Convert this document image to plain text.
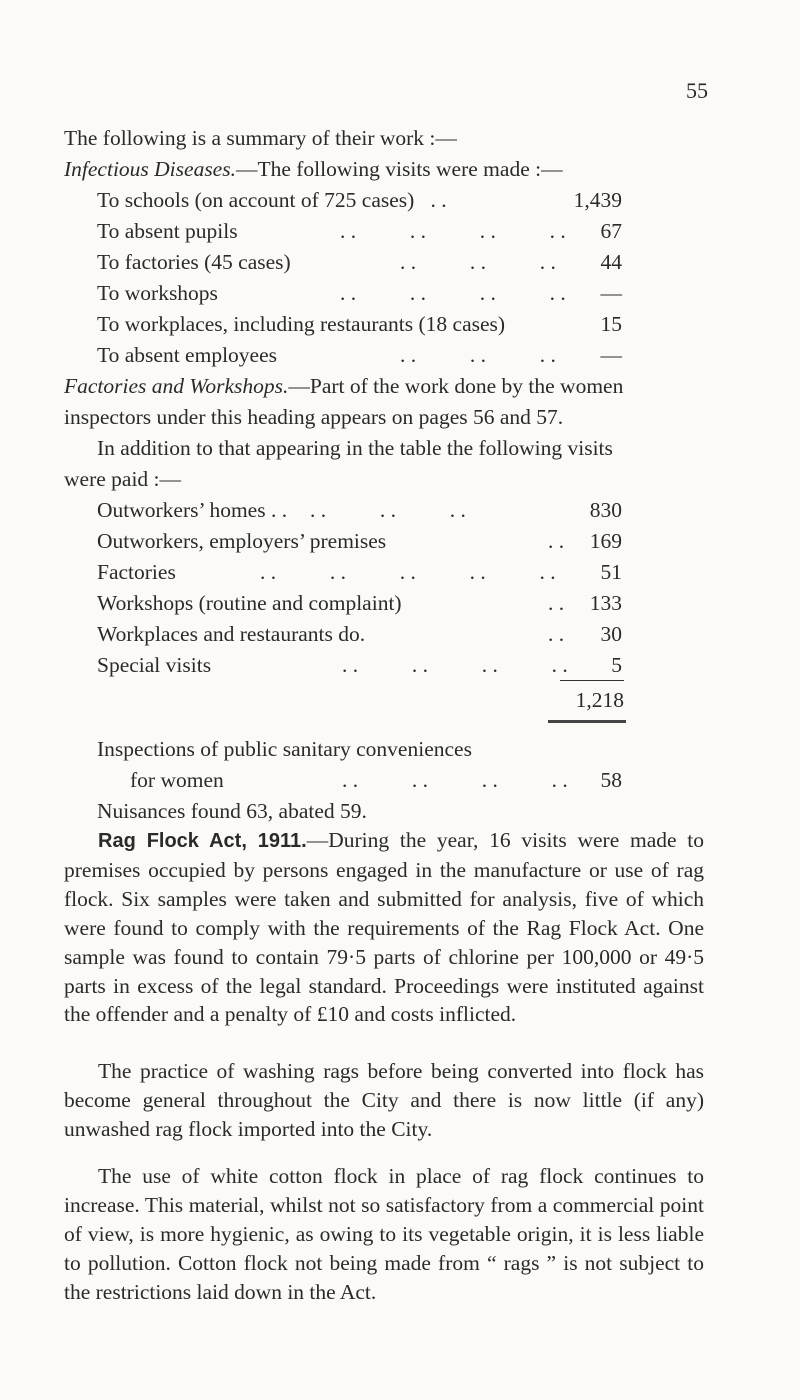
55
The following is a summary of their work :—
Infectious Diseases.—The following visits were made :—
To schools (on account of 725 cases) . .	1,439
To absent pupils	. .          . .          . .          . . 67
To factories (45 cases)	. .          . .          . . 44
To workshops	. .          . .          . .          . . —
To workplaces, including restaurants (18 cases)	15
To absent employees	. .          . .          . . —
Factories and Workshops.—Part of the work done by the women
inspectors under this heading appears on pages 56 and 57.
In addition to that appearing in the table the following visits
were paid :—
Outworkers’ homes . . . .          . .          . .	830
Outworkers, employers’ premises	. . 169
Factories	. .          . .          . .          . .          . . 51
Workshops (routine and complaint)	. . 133
Workplaces and restaurants do.	. . 30
Special visits	. .          . .          . .          . . 5
1,218
Inspections of public sanitary conveniences
for women	. .          . .          . .          . . 58
Nuisances found 63, abated 59.
Rag Flock Act, 1911.—During the year, 16 visits were made to premises occupied by persons engaged in the manufacture or use of rag flock. Six samples were taken and submitted for analysis, five of which were found to comply with the requirements of the Rag Flock Act. One sample was found to contain 79·5 parts of chlorine per 100,000 or 49·5 parts in excess of the legal standard. Proceedings were instituted against the offender and a penalty of £10 and costs inflicted.
The practice of washing rags before being converted into flock has become general throughout the City and there is now little (if any) unwashed rag flock imported into the City.
The use of white cotton flock in place of rag flock continues to increase. This material, whilst not so satisfactory from a commercial point of view, is more hygienic, as owing to its vegetable origin, it is less liable to pollution. Cotton flock not being made from “ rags ” is not subject to the restrictions laid down in the Act.
